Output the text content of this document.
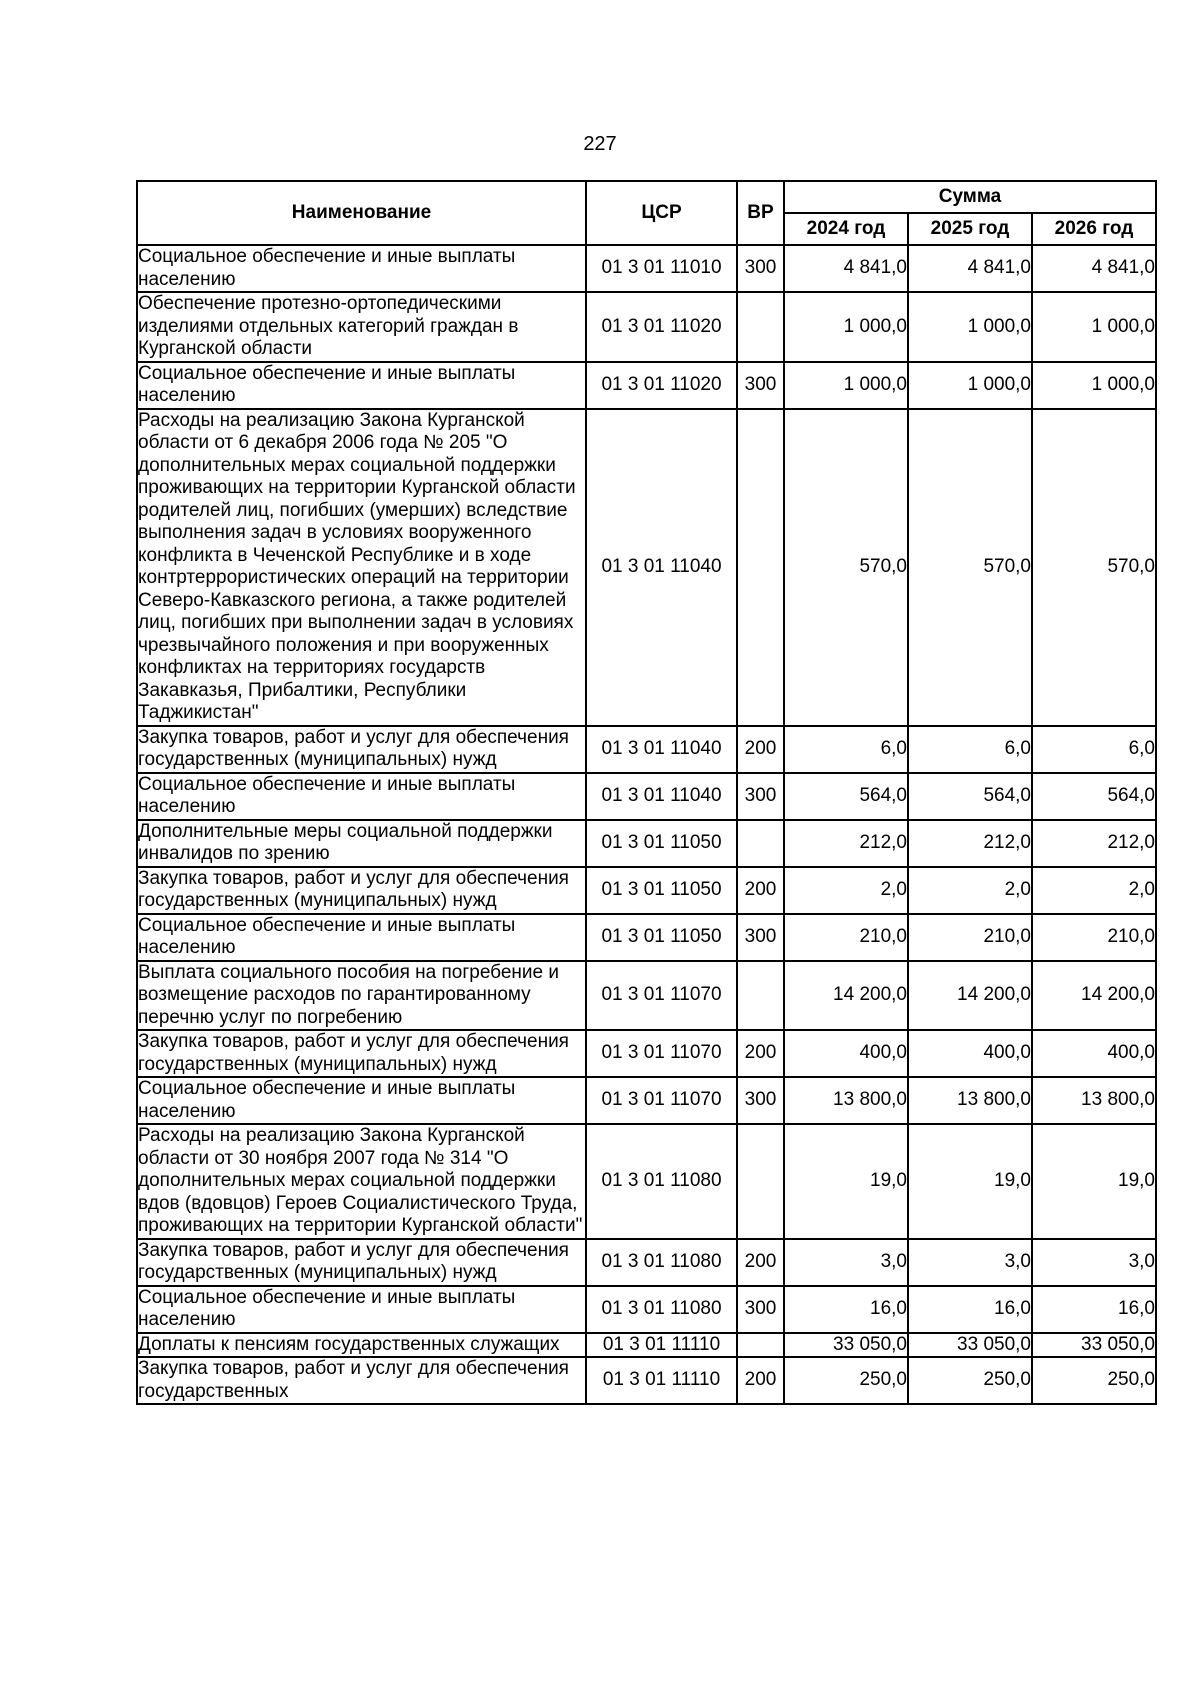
227
Наименование	ЦСР	ВР	Сумма		
			2024 год	2025 год	2026 год
Социальное обеспечение и иные выплаты населению	01 3 01 11010	300	4 841,0	4 841,0	4 841,0
Обеспечение протезно-ортопедическими изделиями отдельных категорий граждан в Курганской области	01 3 01 11020		1 000,0	1 000,0	1 000,0
Социальное обеспечение и иные выплаты населению	01 3 01 11020	300	1 000,0	1 000,0	1 000,0
Расходы на реализацию Закона Курганской области от 6 декабря 2006 года № 205 "О дополнительных мерах социальной поддержки проживающих на территории Курганской области родителей лиц, погибших (умерших) вследствие выполнения задач в условиях вооруженного конфликта в Чеченской Республике и в ходе контртеррористических операций на территории Северо-Кавказского региона, а также родителей лиц, погибших при выполнении задач в условиях чрезвычайного положения и при вооруженных конфликтах на территориях государств Закавказья, Прибалтики, Республики Таджикистан"	01 3 01 11040		570,0	570,0	570,0
Закупка товаров, работ и услуг для обеспечения государственных (муниципальных) нужд	01 3 01 11040	200	6,0	6,0	6,0
Социальное обеспечение и иные выплаты населению	01 3 01 11040	300	564,0	564,0	564,0
Дополнительные меры социальной поддержки инвалидов по зрению	01 3 01 11050		212,0	212,0	212,0
Закупка товаров, работ и услуг для обеспечения государственных (муниципальных) нужд	01 3 01 11050	200	2,0	2,0	2,0
Социальное обеспечение и иные выплаты населению	01 3 01 11050	300	210,0	210,0	210,0
Выплата социального пособия на погребение и возмещение расходов по гарантированному перечню услуг по погребению	01 3 01 11070		14 200,0	14 200,0	14 200,0
Закупка товаров, работ и услуг для обеспечения государственных (муниципальных) нужд	01 3 01 11070	200	400,0	400,0	400,0
Социальное обеспечение и иные выплаты населению	01 3 01 11070	300	13 800,0	13 800,0	13 800,0
Расходы на реализацию Закона Курганской области от 30 ноября 2007 года № 314 "О дополнительных мерах социальной поддержки вдов (вдовцов) Героев Социалистического Труда, проживающих на территории Курганской области"	01 3 01 11080		19,0	19,0	19,0
Закупка товаров, работ и услуг для обеспечения государственных (муниципальных) нужд	01 3 01 11080	200	3,0	3,0	3,0
Социальное обеспечение и иные выплаты населению	01 3 01 11080	300	16,0	16,0	16,0
Доплаты к пенсиям государственных служащих	01 3 01 11110		33 050,0	33 050,0	33 050,0
Закупка товаров, работ и услуг для обеспечения государственных	01 3 01 11110	200	250,0	250,0	250,0
